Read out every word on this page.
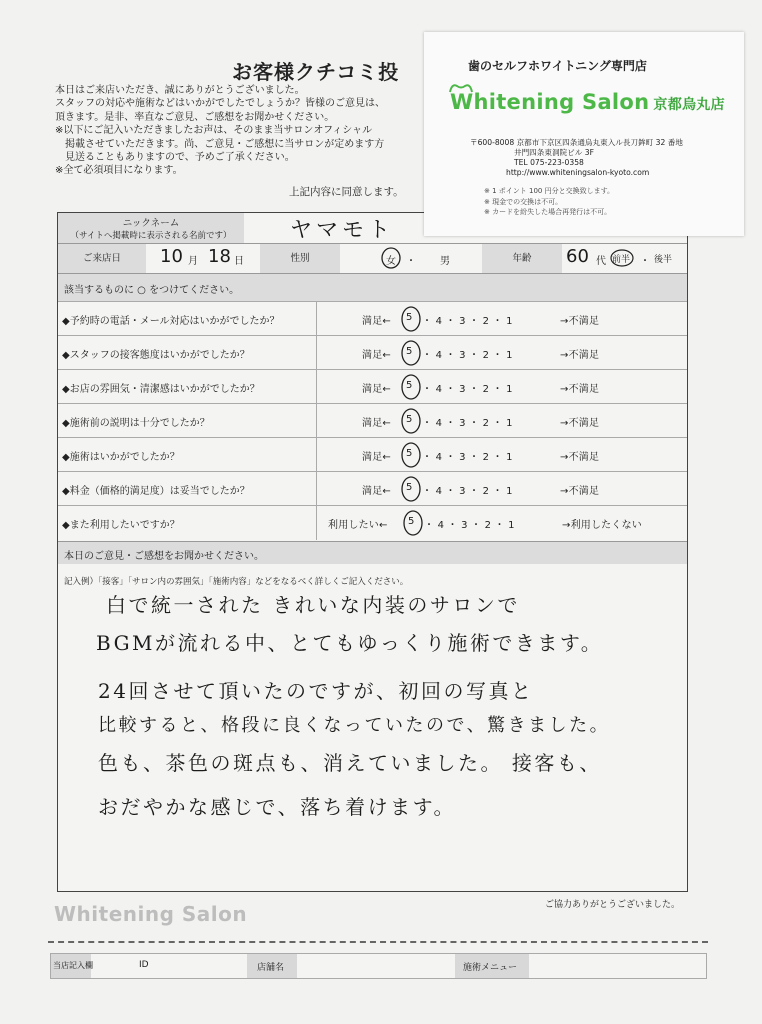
お客様クチコミ投
本日はご来店いただき、誠にありがとうございました。
スタッフの対応や施術などはいかがでしたでしょうか？皆様のご意見は、
頂きます。是非、率直なご意見、ご感想をお聞かせください。
※以下にご記入いただきましたお声は、そのまま当サロンオフィシャル
　掲載させていただきます。尚、ご意見・ご感想に当サロンが定めます方
　見送ることもありますので、予めご了承ください。
※全て必須項目になります。
上記内容に同意します。
ニックネーム
（サイトへ掲載時に表示される名前です）	ヤマモト
ご来店日	10 月 18 日	性別	女 ・ 男	年齢	60 代 前半 ・ 後半
該当するものに ○ をつけてください。
◆予約時の電話・メール対応はいかがでしたか？	満足← 5 ・ 4 ・ 3 ・ 2 ・ 1	→不満足
◆スタッフの接客態度はいかがでしたか？	満足← 5 ・ 4 ・ 3 ・ 2 ・ 1	→不満足
◆お店の雰囲気・清潔感はいかがでしたか？	満足← 5 ・ 4 ・ 3 ・ 2 ・ 1	→不満足
◆施術前の説明は十分でしたか？	満足← 5 ・ 4 ・ 3 ・ 2 ・ 1	→不満足
◆施術はいかがでしたか？	満足← 5 ・ 4 ・ 3 ・ 2 ・ 1	→不満足
◆料金（価格的満足度）は妥当でしたか？	満足← 5 ・ 4 ・ 3 ・ 2 ・ 1	→不満足
◆また利用したいですか？	利用したい← 5 ・ 4 ・ 3 ・ 2 ・ 1	→利用したくない
本日のご意見・ご感想をお聞かせください。
記入例）「接客」「サロン内の雰囲気」「施術内容」などをなるべく詳しくご記入ください。
白で統一された きれいな内装のサロンで
BGMが流れる中、とてもゆっくり施術できます。
24回させて頂いたのですが、初回の写真と
比較すると、格段に良くなっていたので、驚きました。
色も、茶色の斑点も、消えていました。 接客も、
おだやかな感じで、落ち着けます。
歯のセルフホワイトニング専門店
Whitening Salon 京都烏丸店
〒600-8008 京都市下京区四条通烏丸東入ル長刀鉾町 32 番地
井門四条東洞院ビル 3F
TEL 075-223-0358
http://www.whiteningsalon-kyoto.com
※ 1 ポイント 100 円分と交換致します。
※ 現金での交換は不可。
※ カードを紛失した場合再発行は不可。
ご協力ありがとうございました。
Whitening Salon
当店記入欄	ID	店舗名	施術メニュー
